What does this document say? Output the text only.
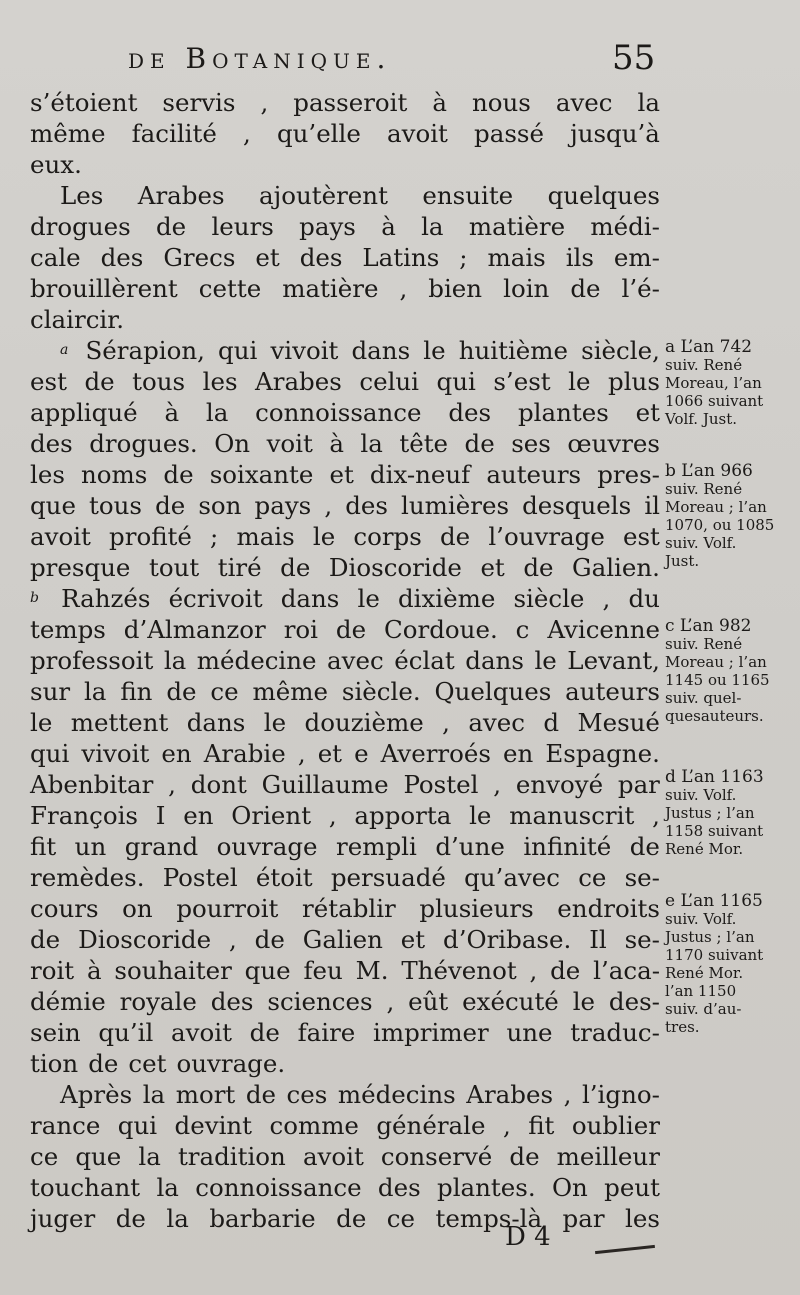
de Botanique.	55
s’étoient servis , passeroit à nous avec la
même facilité , qu’elle avoit passé jusqu’à
eux.
Les Arabes ajoutèrent ensuite quelques
drogues de leurs pays à la matière médi-
cale des Grecs et des Latins ; mais ils em-
brouillèrent cette matière , bien loin de l’é-
claircir.
a Sérapion, qui vivoit dans le huitième siècle,
est de tous les Arabes celui qui s’est le plus
appliqué à la connoissance des plantes et
des drogues. On voit à la tête de ses œuvres
les noms de soixante et dix-neuf auteurs pres-
que tous de son pays , des lumières desquels il
avoit profité ; mais le corps de l’ouvrage est
presque tout tiré de Dioscoride et de Galien.
b Rahzés écrivoit dans le dixième siècle , du
temps d’Almanzor roi de Cordoue. c Avicenne
professoit la médecine avec éclat dans le Levant,
sur la fin de ce même siècle. Quelques auteurs
le mettent dans le douzième , avec d Mesué
qui vivoit en Arabie , et e Averroés en Espagne.
Abenbitar , dont Guillaume Postel , envoyé par
François I en Orient , apporta le manuscrit ,
fit un grand ouvrage rempli d’une infinité de
remèdes. Postel étoit persuadé qu’avec ce se-
cours on pourroit rétablir plusieurs endroits
de Dioscoride , de Galien et d’Oribase. Il se-
roit à souhaiter que feu M. Thévenot , de l’aca-
démie royale des sciences , eût exécuté le des-
sein qu’il avoit de faire imprimer une traduc-
tion de cet ouvrage.
Après la mort de ces médecins Arabes , l’igno-
rance qui devint comme générale , fit oublier
ce que la tradition avoit conservé de meilleur
touchant la connoissance des plantes. On peut
juger de la barbarie de ce temps-là par les
a L’an 742
suiv. René
Moreau, l’an
1066 suivant
Volf. Just.
b L’an 966
suiv. René
Moreau ; l’an
1070, ou 1085
suiv. Volf.
Just.
c L’an 982
suiv. René
Moreau ; l’an
1145 ou 1165
suiv. quel-
quesauteurs.
d L’an 1163
suiv. Volf.
Justus ; l’an
1158 suivant
René Mor.
e L’an 1165
suiv. Volf.
Justus ; l’an
1170 suivant
René Mor.
l’an 1150
suiv. d’au-
tres.
D 4
